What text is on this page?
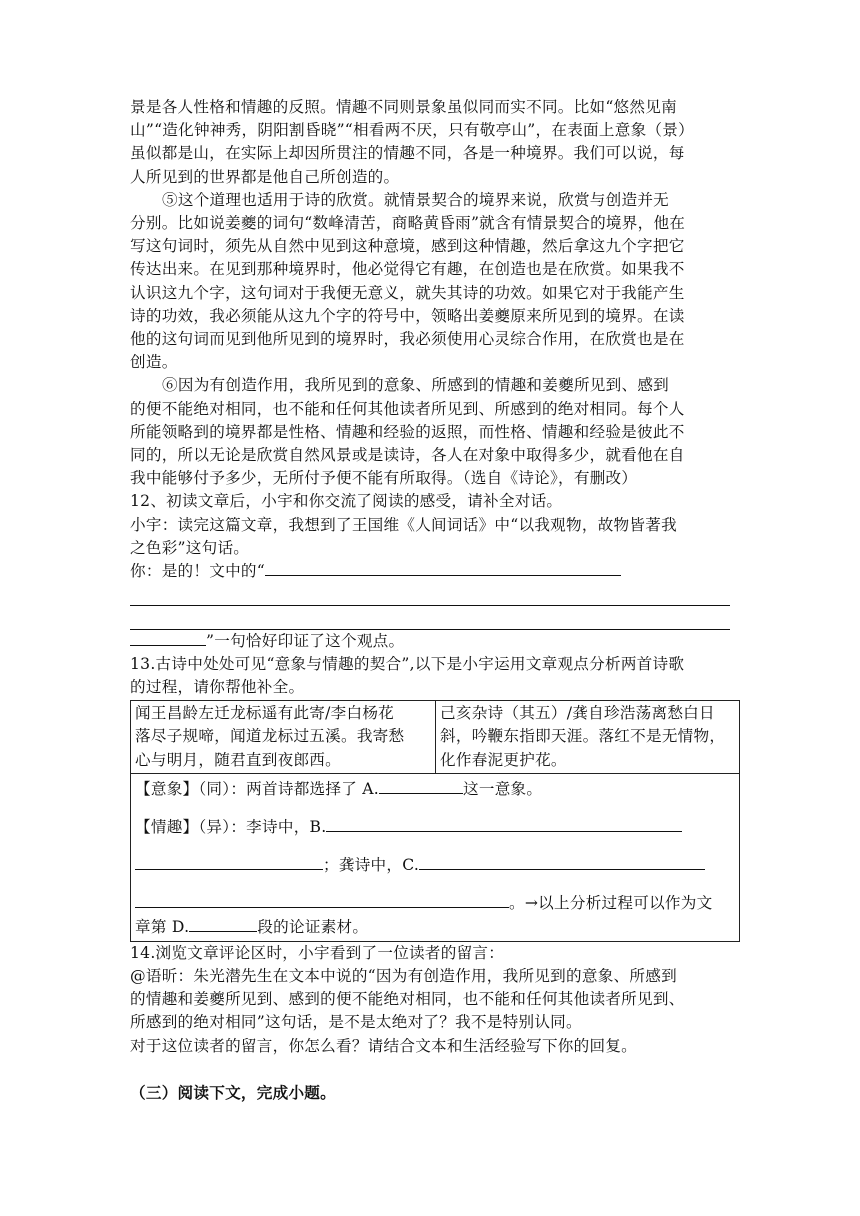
景是各人性格和情趣的反照。情趣不同则景象虽似同而实不同。比如“悠然见南
山”“造化钟神秀，阴阳割昏晓”“相看两不厌，只有敬亭山”，在表面上意象（景）
虽似都是山，在实际上却因所贯注的情趣不同，各是一种境界。我们可以说，每
人所见到的世界都是他自己所创造的。
⑤这个道理也适用于诗的欣赏。就情景契合的境界来说，欣赏与创造并无
分别。比如说姜夔的词句“数峰清苦，商略黄昏雨”就含有情景契合的境界，他在
写这句词时，须先从自然中见到这种意境，感到这种情趣，然后拿这九个字把它
传达出来。在见到那种境界时，他必觉得它有趣，在创造也是在欣赏。如果我不
认识这九个字，这句词对于我便无意义，就失其诗的功效。如果它对于我能产生
诗的功效，我必须能从这九个字的符号中，领略出姜夔原来所见到的境界。在读
他的这句词而见到他所见到的境界时，我必须使用心灵综合作用，在欣赏也是在
创造。
⑥因为有创造作用，我所见到的意象、所感到的情趣和姜夔所见到、感到
的便不能绝对相同，也不能和任何其他读者所见到、所感到的绝对相同。每个人
所能领略到的境界都是性格、情趣和经验的返照，而性格、情趣和经验是彼此不
同的，所以无论是欣赏自然风景或是读诗，各人在对象中取得多少，就看他在自
我中能够付予多少，无所付予便不能有所取得。（选自《诗论》，有删改）
12、初读文章后，小宇和你交流了阅读的感受，请补全对话。
小宇：读完这篇文章，我想到了王国维《人间词话》中“以我观物，故物皆著我
之色彩”这句话。
你：是的！文中的“
”一句恰好印证了这个观点。
13.古诗中处处可见“意象与情趣的契合”,以下是小宇运用文章观点分析两首诗歌
的过程，请你帮他补全。
闻王昌龄左迁龙标遥有此寄/李白杨花
落尽子规啼，闻道龙标过五溪。我寄愁
心与明月，随君直到夜郎西。

己亥杂诗（其五）/龚自珍浩荡离愁白日
斜，吟鞭东指即天涯。落红不是无情物，
化作春泥更护花。

【意象】（同）：两首诗都选择了 A.	这一意象。
【情趣】（异）：李诗中，B.
；龚诗中，C.
。→以上分析过程可以作为文
章第 D.	段的论证素材。
14.浏览文章评论区时，小宇看到了一位读者的留言：
@语昕：朱光潜先生在文本中说的“因为有创造作用，我所见到的意象、所感到
的情趣和姜夔所见到、感到的便不能绝对相同，也不能和任何其他读者所见到、
所感到的绝对相同”这句话，是不是太绝对了？我不是特别认同。
对于这位读者的留言，你怎么看？请结合文本和生活经验写下你的回复。
（三）阅读下文，完成小题。
